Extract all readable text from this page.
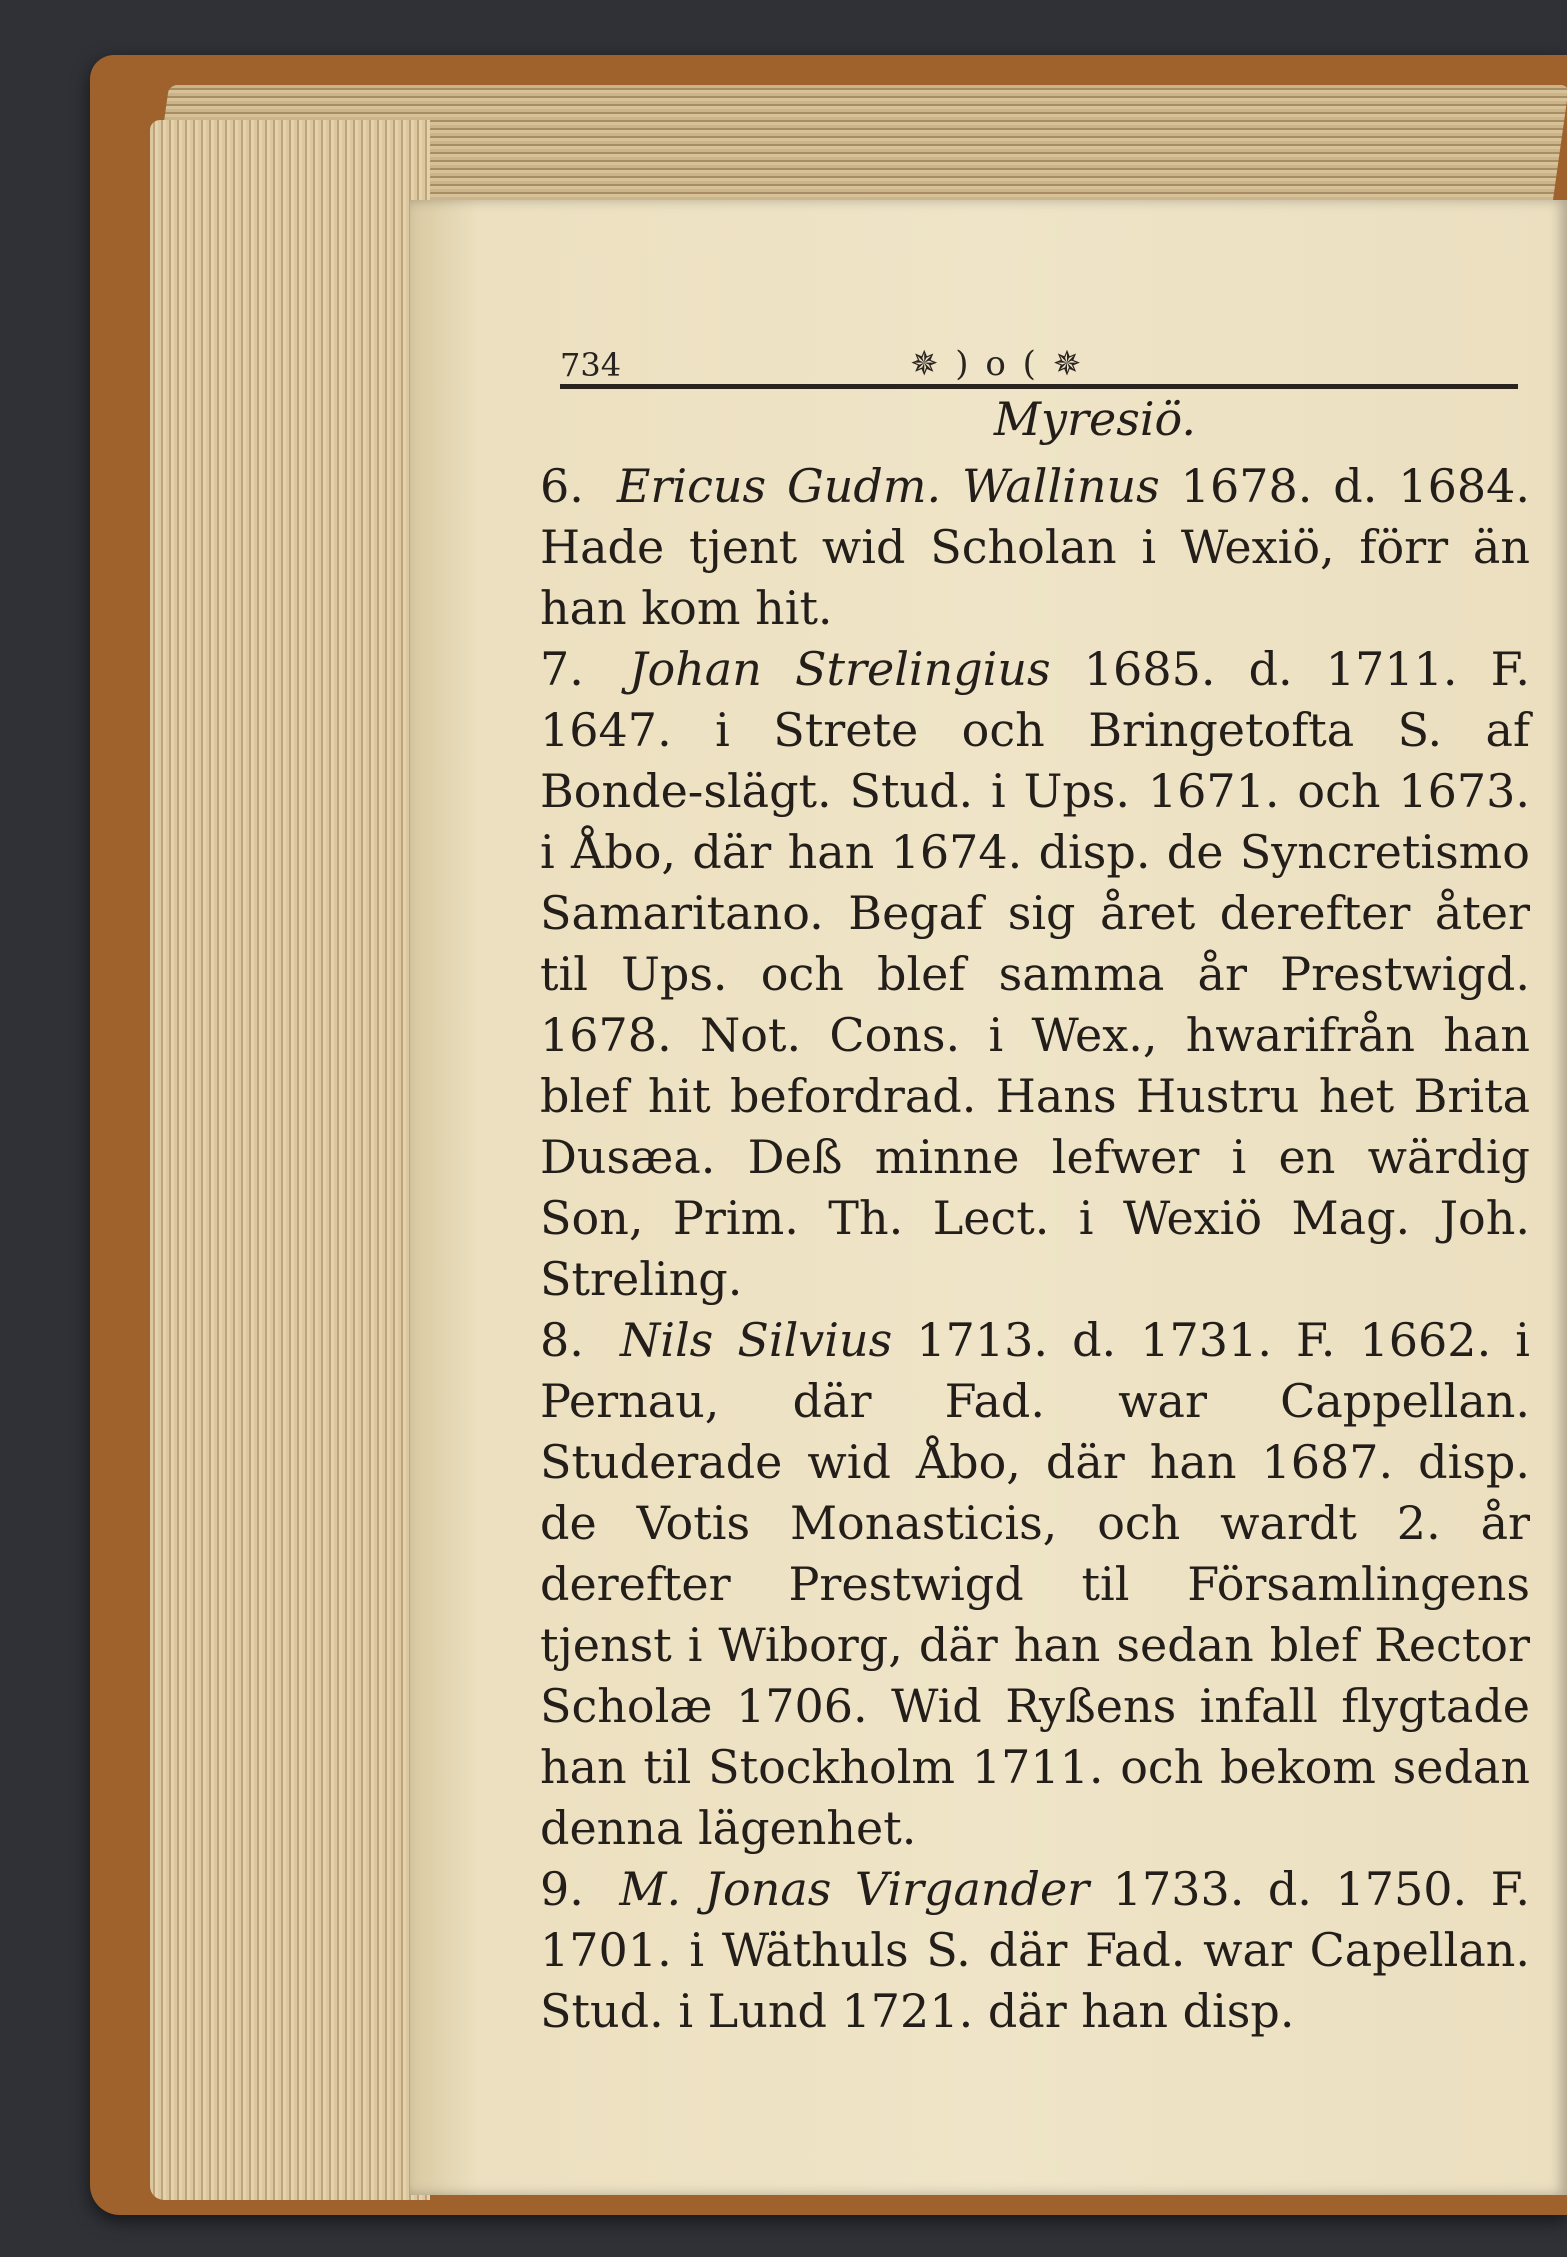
734	✵ ) o ( ✵
Myresiö.

6. Ericus Gudm. Wallinus 1678. d. 1684. Hade tjent wid Scholan i Wexiö, förr än han kom hit.

7. Johan Strelingius 1685. d. 1711. F. 1647. i Strete och Bringetofta S. af Bonde-slägt. Stud. i Ups. 1671. och 1673. i Åbo, där han 1674. disp. de Syncretismo Samaritano. Begaf sig året derefter åter til Ups. och blef samma år Prestwigd. 1678. Not. Cons. i Wex., hwarifrån han blef hit befordrad. Hans Hustru het Brita Dusæa. Deß minne lefwer i en wärdig Son, Prim. Th. Lect. i Wexiö Mag. Joh. Streling.

8. Nils Silvius 1713. d. 1731. F. 1662. i Pernau, där Fad. war Cappellan. Studerade wid Åbo, där han 1687. disp. de Votis Monasticis, och wardt 2. år derefter Prestwigd til Församlingens tjenst i Wiborg, där han sedan blef Rector Scholæ 1706. Wid Ryßens infall flygtade han til Stockholm 1711. och bekom sedan denna lägenhet.

9. M. Jonas Virgander 1733. d. 1750. F. 1701. i Wäthuls S. där Fad. war Capellan. Stud. i Lund 1721. där han disp.
